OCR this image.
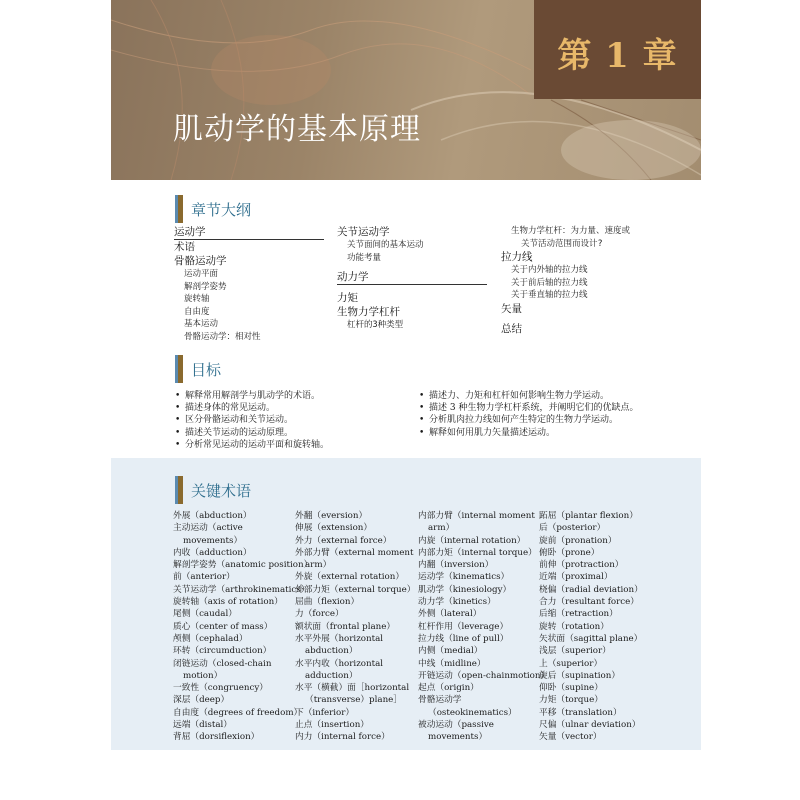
第 1 章
肌动学的基本原理
章节大纲
运动学
术语
骨骼运动学
运动平面
解剖学姿势
旋转轴
自由度
基本运动
骨骼运动学：相对性
关节运动学
关节面间的基本运动
功能考量
动力学
力矩
生物力学杠杆
杠杆的3种类型
生物力学杠杆：为力量、速度或
关节活动范围而设计?
拉力线
关于内外轴的拉力线
关于前后轴的拉力线
关于垂直轴的拉力线
矢量
总结
目标
• 解释常用解剖学与肌动学的术语。
• 描述身体的常见运动。
• 区分骨骼运动和关节运动。
• 描述关节运动的运动原理。
• 分析常见运动的运动平面和旋转轴。
• 描述力、力矩和杠杆如何影响生物力学运动。
• 描述 3 种生物力学杠杆系统，并阐明它们的优缺点。
• 分析肌肉拉力线如何产生特定的生物力学运动。
• 解释如何用肌力矢量描述运动。
关键术语
外展（abduction）
主动运动（active
movements）
内收（adduction）
解剖学姿势（anatomic position）
前（anterior）
关节运动学（arthrokinematics）
旋转轴（axis of rotation）
尾侧（caudal）
质心（center of mass）
颅侧（cephalad）
环转（circumduction）
闭链运动（closed-chain
motion）
一致性（congruency）
深层（deep）
自由度（degrees of freedom）
远端（distal）
背屈（dorsiflexion）
外翻（eversion）
伸展（extension）
外力（external force）
外部力臂（external moment
arm）
外旋（external rotation）
外部力矩（external torque）
屈曲（flexion）
力（force）
额状面（frontal plane）
水平外展（horizontal
abduction）
水平内收（horizontal
adduction）
水平（横截）面［horizontal
（transverse）plane］
下（inferior）
止点（insertion）
内力（internal force）
内部力臂（internal moment
arm）
内旋（internal rotation）
内部力矩（internal torque）
内翻（inversion）
运动学（kinematics）
肌动学（kinesiology）
动力学（kinetics）
外侧（lateral）
杠杆作用（leverage）
拉力线（line of pull）
内侧（medial）
中线（midline）
开链运动（open-chainmotion）
起点（origin）
骨骼运动学
（osteokinematics）
被动运动（passive
movements）
跖屈（plantar flexion）
后（posterior）
旋前（pronation）
俯卧（prone）
前伸（protraction）
近端（proximal）
桡偏（radial deviation）
合力（resultant force）
后缩（retraction）
旋转（rotation）
矢状面（sagittal plane）
浅层（superior）
上（superior）
旋后（supination）
仰卧（supine）
力矩（torque）
平移（translation）
尺偏（ulnar deviation）
矢量（vector）
